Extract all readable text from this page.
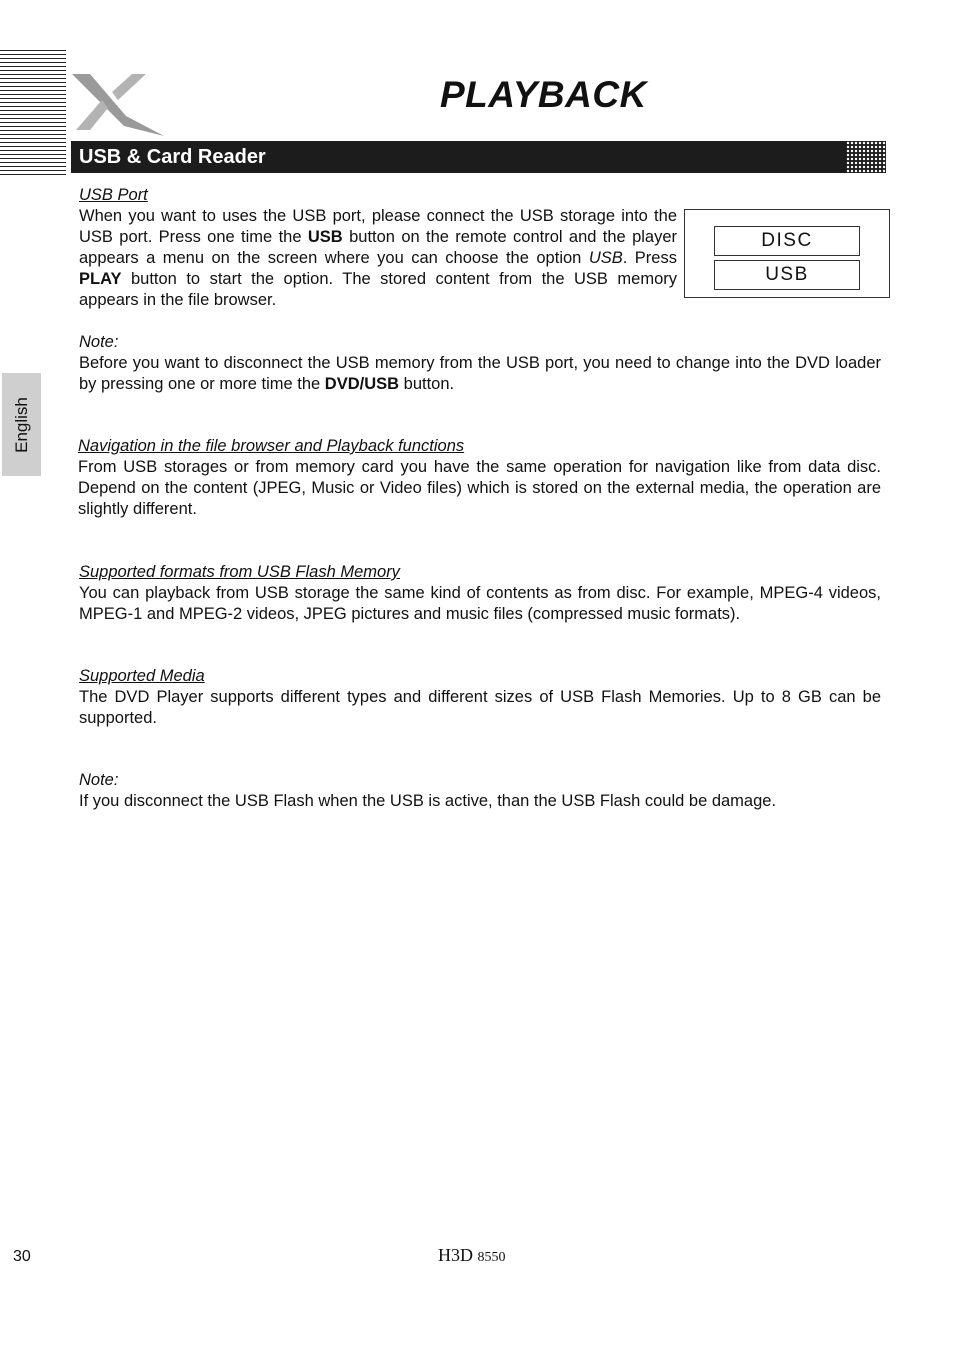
PLAYBACK
USB & Card Reader
English
USB Port
When you want to uses the USB port, please connect the USB storage into the USB port. Press one time the USB button on the remote control and the player appears a menu on the screen where you can choose the option USB. Press PLAY button to start the option. The stored content from the USB memory appears in the file browser.
DISC
USB
Note:
Before you want to disconnect the USB memory from the USB port, you need to change into the DVD loader by pressing one or more time the DVD/USB button.
Navigation in the file browser and Playback functions
From USB storages or from memory card you have the same operation for navigation like from data disc. Depend on the content (JPEG, Music or Video files) which is stored on the external media, the operation are slightly different.
Supported formats from USB Flash Memory
You can playback from USB storage the same kind of contents as from disc. For example, MPEG-4 videos, MPEG-1 and MPEG-2 videos, JPEG pictures and music files (compressed music formats).
Supported Media
The DVD Player supports different types and different sizes of USB Flash Memories. Up to 8 GB can be supported.
Note:
If you disconnect the USB Flash when the USB is active, than the USB Flash could be damage.
30	H3D 8550
